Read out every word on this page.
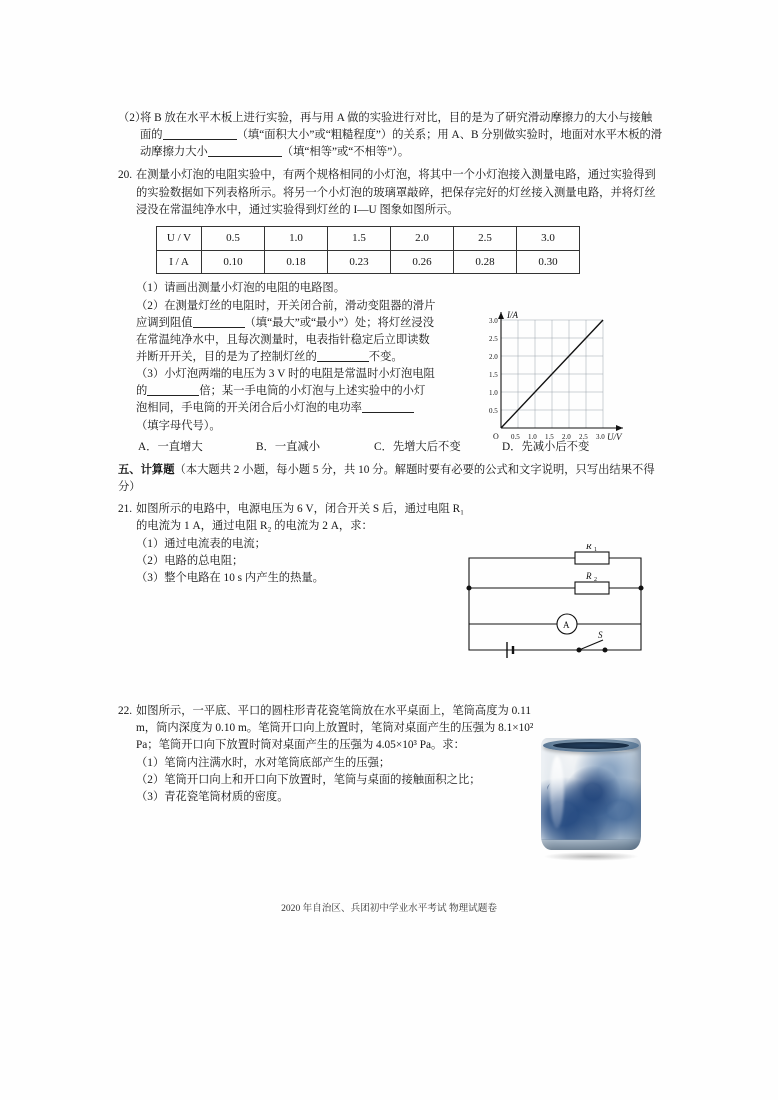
（2）
将 B 放在水平木板上进行实验，再与用 A 做的实验进行对比，目的是为了研究滑动摩擦力的大小与接触面的	（填“面积大小”或“粗糙程度”）的关系；用 A、B 分别做实验时，地面对水平木板的滑动摩擦力大小	（填“相等”或“不相等”）。
20. 在测量小灯泡的电阻实验中，有两个规格相同的小灯泡，将其中一个小灯泡接入测量电路，通过实验得到的实验数据如下列表格所示。将另一个小灯泡的玻璃罩敲碎，把保存完好的灯丝接入测量电路，并将灯丝浸没在常温纯净水中，通过实验得到灯丝的 I—U 图象如图所示。
U / V	0.5	1.0	1.5	2.0	2.5	3.0
I / A	0.10	0.18	0.23	0.26	0.28	0.30
（1）请画出测量小灯泡的电阻的电路图。
（2）在测量灯丝的电阻时，开关闭合前，滑动变阻器的滑片应调到阻值	（填“最大”或“最小”）处；将灯丝浸没在常温纯净水中，且每次测量时，电表指针稳定后立即读数并断开开关，目的是为了控制灯丝的	不变。
（3）小灯泡两端的电压为 3 V 时的电阻是常温时小灯泡电阻的	倍；某一手电筒的小灯泡与上述实验中的小灯泡相同，手电筒的开关闭合后小灯泡的电功率（填字母代号）。
A．一直增大	B．一直减小	C．先增大后不变	D．先减小后不变
I/A
U/V
O
0.5
1.0
1.5
2.0
2.5
3.0
0.5 1.0 1.5 2.0 2.5 3.0
五、计算题（本大题共 2 小题，每小题 5 分，共 10 分。解题时要有必要的公式和文字说明，只写出结果不得分）
21. 如图所示的电路中，电源电压为 6 V，闭合开关 S 后，通过电阻 R₁ 的电流为 1 A，通过电阻 R₂ 的电流为 2 A，求：
（1）通过电流表的电流；
（2）电路的总电阻；
（3）整个电路在 10 s 内产生的热量。
R 1
R 2
A
S
22. 如图所示，一平底、平口的圆柱形青花瓷笔筒放在水平桌面上，笔筒高度为 0.11 m，筒内深度为 0.10 m。笔筒开口向上放置时，笔筒对桌面产生的压强为 8.1×10² Pa；笔筒开口向下放置时筒对桌面产生的压强为 4.05×10³ Pa。求：
（1）笔筒内注满水时，水对笔筒底部产生的压强；
（2）笔筒开口向上和开口向下放置时，笔筒与桌面的接触面积之比；
（3）青花瓷笔筒材质的密度。
2020 年自治区、兵团初中学业水平考试 物理试题卷
